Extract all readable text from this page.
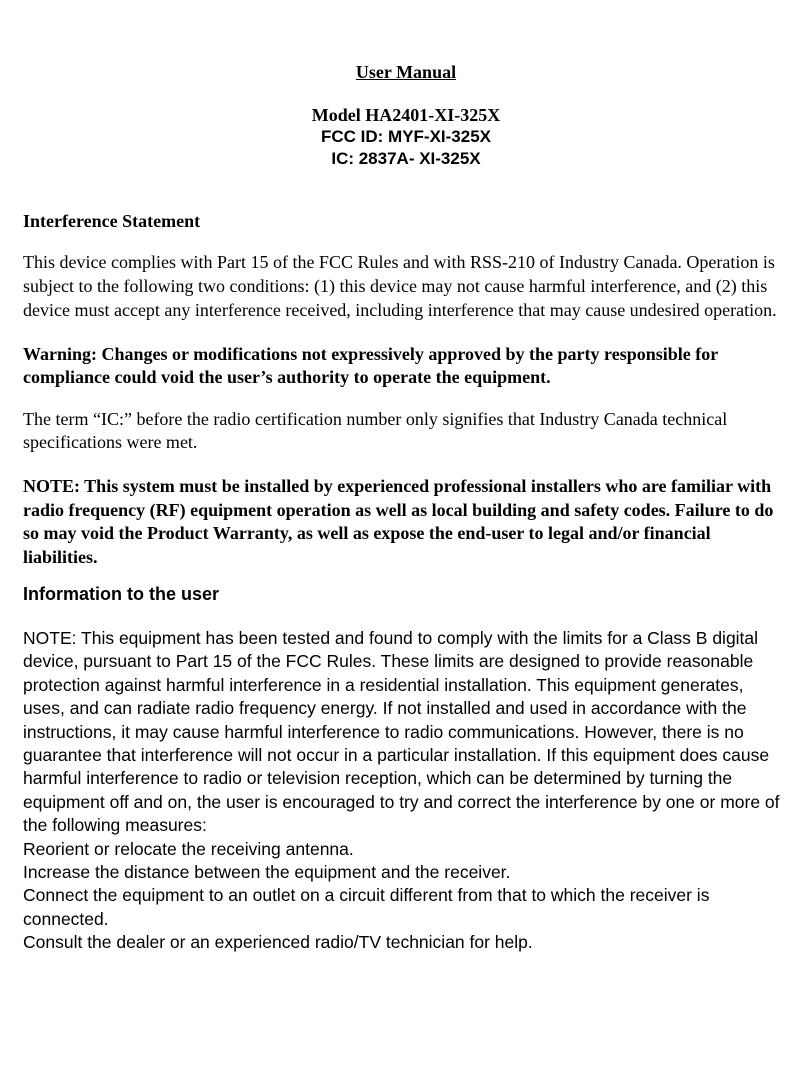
User Manual

Model HA2401-XI-325X

FCC ID: MYF-XI-325X

IC: 2837A- XI-325X

Interference Statement

This device complies with Part 15 of the FCC Rules and with RSS-210 of Industry Canada. Operation is subject to the following two conditions: (1) this device may not cause harmful interference, and (2) this device must accept any interference received, including interference that may cause undesired operation.

Warning: Changes or modifications not expressively approved by the party responsible for compliance could void the user’s authority to operate the equipment.

The term “IC:” before the radio certification number only signifies that Industry Canada technical specifications were met.

NOTE: This system must be installed by experienced professional installers who are familiar with radio frequency (RF) equipment operation as well as local building and safety codes. Failure to do so may void the Product Warranty, as well as expose the end-user to legal and/or financial liabilities.

Information to the user

NOTE: This equipment has been tested and found to comply with the limits for a Class B digital device, pursuant to Part 15 of the FCC Rules. These limits are designed to provide reasonable protection against harmful interference in a residential installation. This equipment generates, uses, and can radiate radio frequency energy. If not installed and used in accordance with the instructions, it may cause harmful interference to radio communications. However, there is no guarantee that interference will not occur in a particular installation. If this equipment does cause harmful interference to radio or television reception, which can be determined by turning the equipment off and on, the user is encouraged to try and correct the interference by one or more of the following measures:
Reorient or relocate the receiving antenna.
Increase the distance between the equipment and the receiver.
Connect the equipment to an outlet on a circuit different from that to which the receiver is connected.
Consult the dealer or an experienced radio/TV technician for help.
